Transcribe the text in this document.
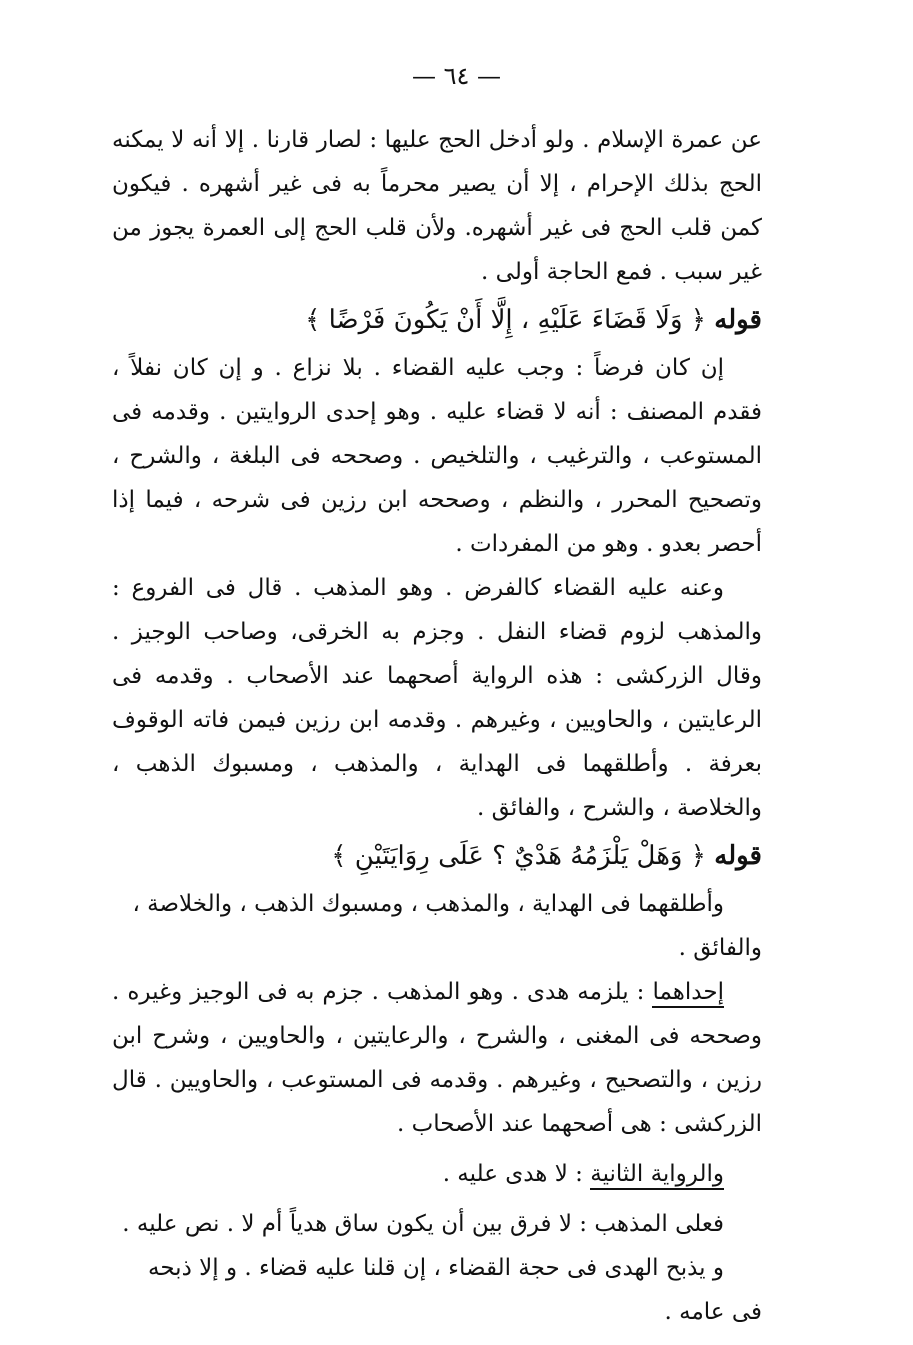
— ٦٤ —

عن عمرة الإسلام . ولو أدخل الحج عليها : لصار قارنا . إلا أنه لا يمكنه الحج بذلك الإحرام ، إلا أن يصير محرماً به فى غير أشهره . فيكون كمن قلب الحج فى غير أشهره. ولأن قلب الحج إلى العمرة يجوز من غير سبب . فمع الحاجة أولى .

قوله ﴿ وَلَا قَضَاءَ عَلَيْهِ ، إِلَّا أَنْ يَكُونَ فَرْضًا ﴾

إن كان فرضاً : وجب عليه القضاء . بلا نزاع . و إن كان نفلاً ، فقدم المصنف : أنه لا قضاء عليه . وهو إحدى الروايتين . وقدمه فى المستوعب ، والترغيب ، والتلخيص . وصححه فى البلغة ، والشرح ، وتصحيح المحرر ، والنظم ، وصححه ابن رزين فى شرحه ، فيما إذا أحصر بعدو . وهو من المفردات .

وعنه عليه القضاء كالفرض . وهو المذهب . قال فى الفروع : والمذهب لزوم قضاء النفل . وجزم به الخرقى، وصاحب الوجيز . وقال الزركشى : هذه الرواية أصحهما عند الأصحاب . وقدمه فى الرعايتين ، والحاويين ، وغيرهم . وقدمه ابن رزين فيمن فاته الوقوف بعرفة . وأطلقهما فى الهداية ، والمذهب ، ومسبوك الذهب ، والخلاصة ، والشرح ، والفائق .

قوله ﴿ وَهَلْ يَلْزَمُهُ هَدْيٌ ؟ عَلَى رِوَايَتَيْنِ ﴾

وأطلقهما فى الهداية ، والمذهب ، ومسبوك الذهب ، والخلاصة ، والفائق .

إحداهما : يلزمه هدى . وهو المذهب . جزم به فى الوجيز وغيره . وصححه فى المغنى ، والشرح ، والرعايتين ، والحاويين ، وشرح ابن رزين ، والتصحيح ، وغيرهم . وقدمه فى المستوعب ، والحاويين . قال الزركشى : هى أصحهما عند الأصحاب .

والرواية الثانية : لا هدى عليه .

فعلى المذهب : لا فرق بين أن يكون ساق هدياً أم لا . نص عليه .

و يذبح الهدى فى حجة القضاء ، إن قلنا عليه قضاء . و إلا ذبحه فى عامه .
